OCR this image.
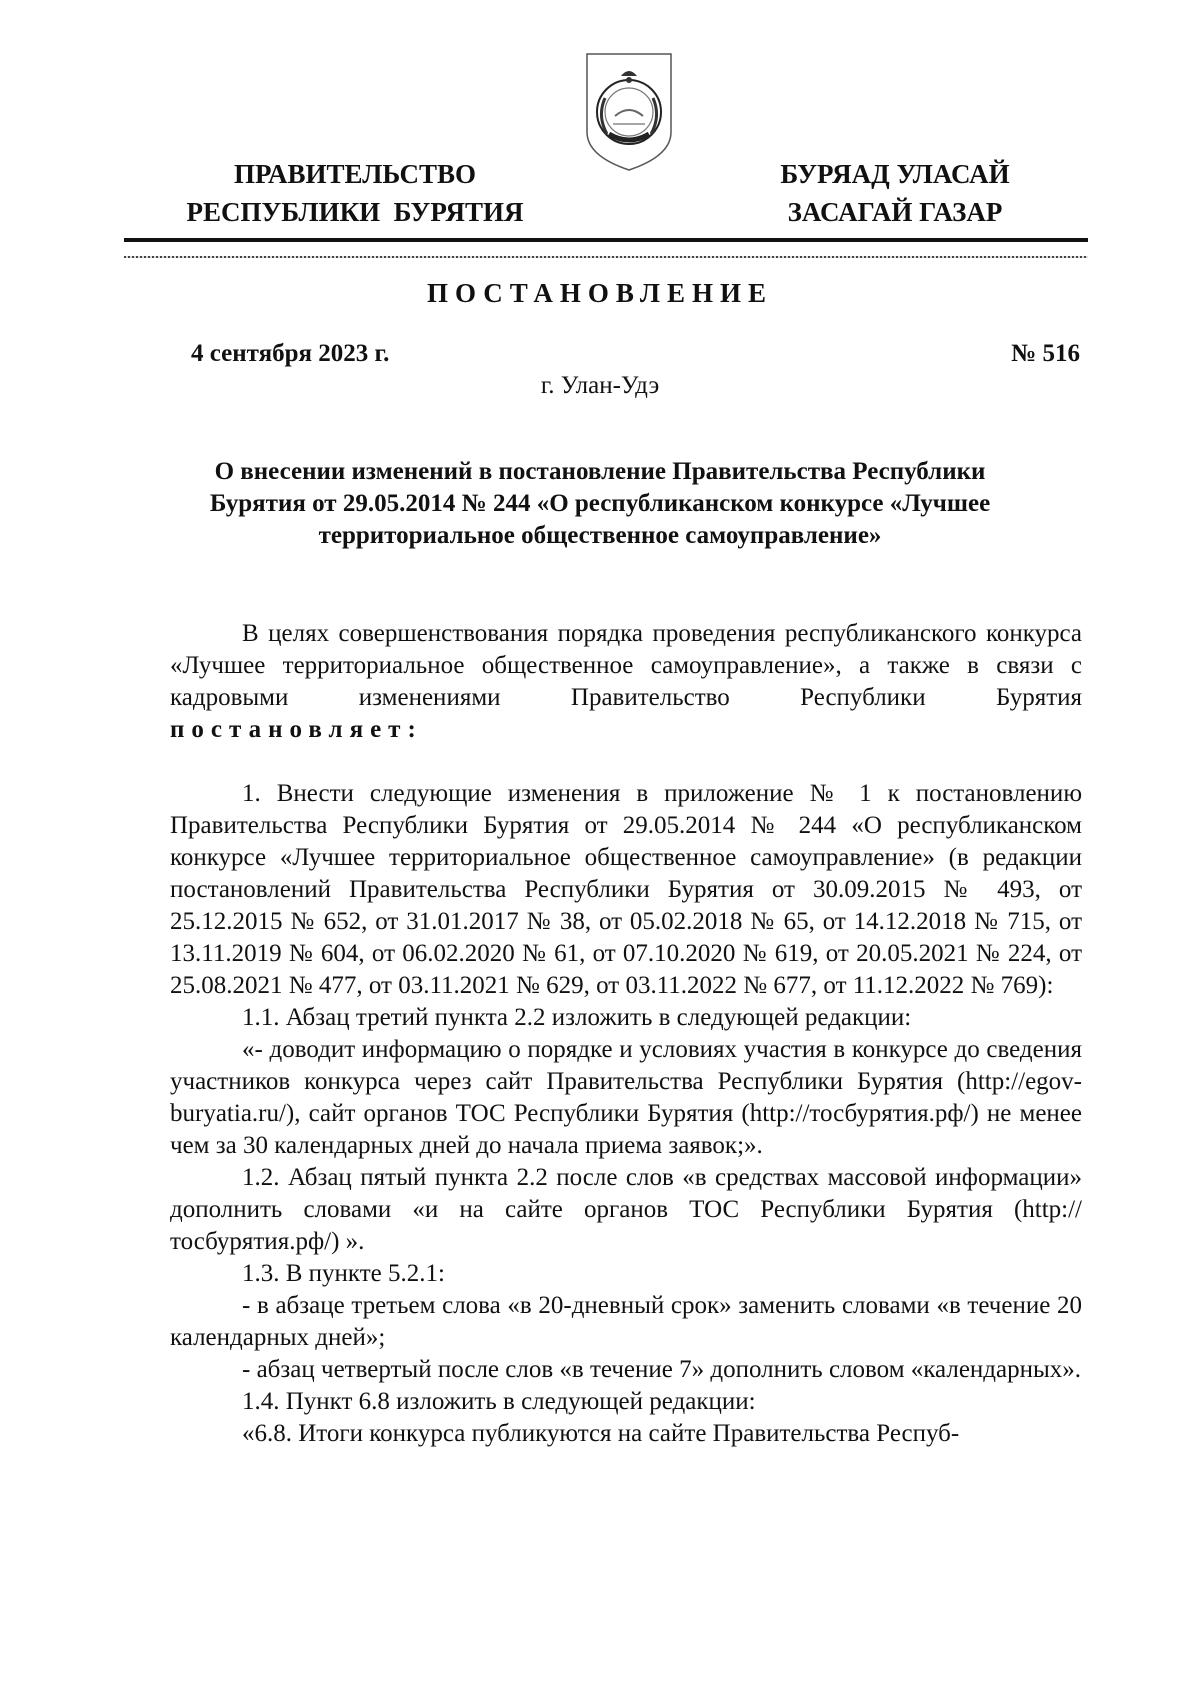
ПРАВИТЕЛЬСТВО
РЕСПУБЛИКИ  БУРЯТИЯ
БУРЯАД УЛАСАЙ
ЗАСАГАЙ ГАЗАР
ПОСТАНОВЛЕНИЕ
4 сентября 2023 г.	№ 516
г. Улан-Удэ
О внесении изменений в постановление Правительства Республики Бурятия от 29.05.2014 № 244 «О республиканском конкурсе «Лучшее территориальное общественное самоуправление»

В целях совершенствования порядка проведения республиканского конкурса «Лучшее территориальное общественное самоуправление», а также в связи с кадровыми изменениями Правительство Республики Бурятия постановляет:

1. Внести следующие изменения в приложение № 1 к постановлению Правительства Республики Бурятия от 29.05.2014 № 244 «О республиканском конкурсе «Лучшее территориальное общественное самоуправление» (в редакции постановлений Правительства Республики Бурятия от 30.09.2015 № 493, от 25.12.2015 № 652, от 31.01.2017 № 38, от 05.02.2018 № 65, от 14.12.2018 № 715, от 13.11.2019 № 604, от 06.02.2020 № 61, от 07.10.2020 № 619, от 20.05.2021 № 224, от 25.08.2021 № 477, от 03.11.2021 № 629, от 03.11.2022 № 677, от 11.12.2022 № 769):

1.1. Абзац третий пункта 2.2 изложить в следующей редакции:

«- доводит информацию о порядке и условиях участия в конкурсе до сведения участников конкурса через сайт Правительства Республики Бурятия (http://egov-buryatia.ru/), сайт органов ТОС Республики Бурятия (http://тосбурятия.рф/) не менее чем за 30 календарных дней до начала приема заявок;».

1.2. Абзац пятый пункта 2.2 после слов «в средствах массовой информации» дополнить словами «и на сайте органов ТОС Республики Бурятия (http://тосбурятия.рф/) ».

1.3. В пункте 5.2.1:

- в абзаце третьем слова «в 20-дневный срок» заменить словами «в течение 20 календарных дней»;

- абзац четвертый после слов «в течение 7» дополнить словом «календарных».

1.4. Пункт 6.8 изложить в следующей редакции:

«6.8. Итоги конкурса публикуются на сайте Правительства Респуб-
